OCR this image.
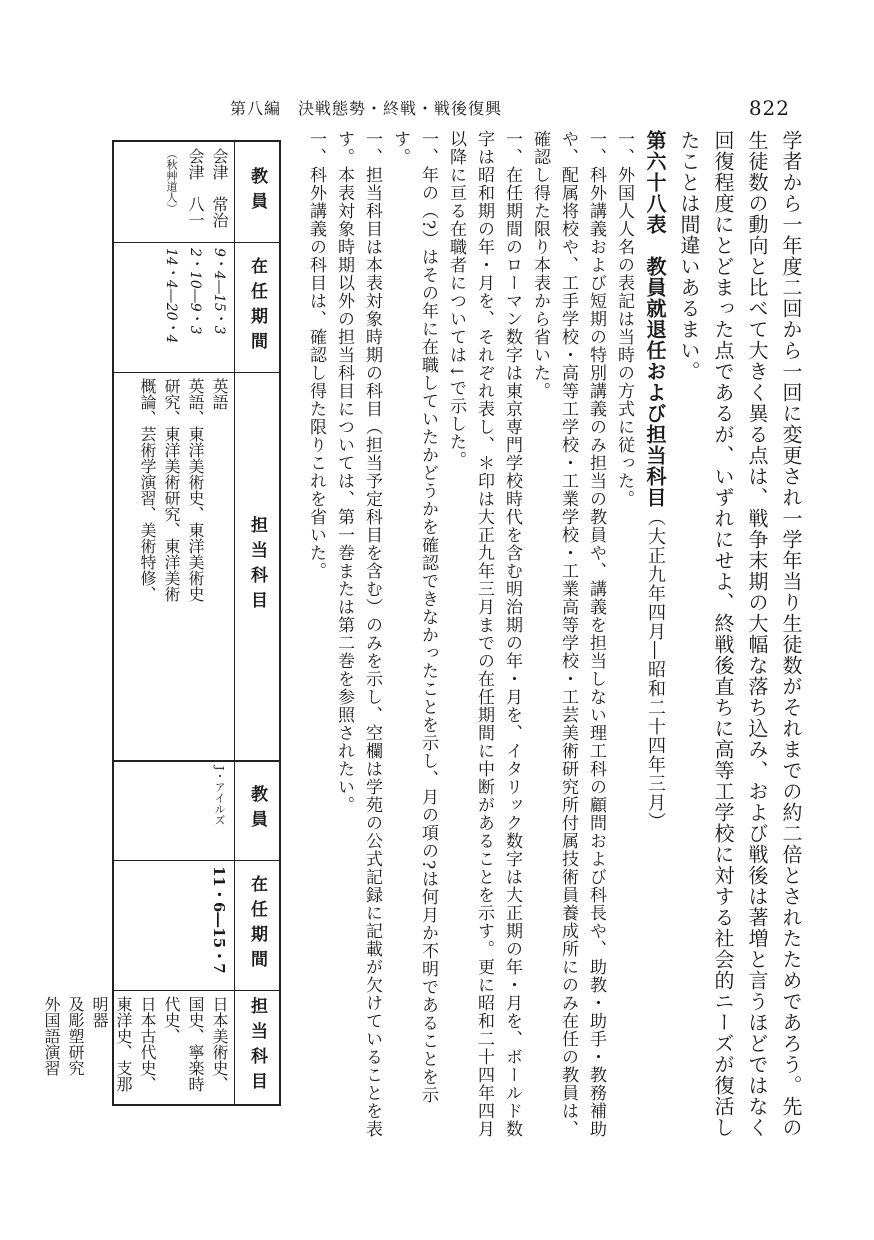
第八編　決戦態勢・終戦・戦後復興	822

学者から一年度二回から一回に変更され一学年当り生徒数がそれまでの約二倍とされたためであろう。先の生徒数の動向と比べて大きく異る点は、戦争末期の大幅な落ち込み、および戦後は著増と言うほどではなく回復程度にとどまった点であるが、いずれにせよ、終戦後直ちに高等工学校に対する社会的ニーズが復活したことは間違いあるまい。

第六十八表　教員就退任および担当科目（大正九年四月―昭和二十四年三月）

一、外国人人名の表記は当時の方式に従った。

一、科外講義および短期の特別講義のみ担当の教員や、講義を担当しない理工科の顧問および科長や、助教・助手・教務補助や、配属将校や、工手学校・高等工学校・工業学校・工業高等学校・工芸美術研究所付属技術員養成所にのみ在任の教員は、確認し得た限り本表から省いた。

一、在任期間のローマン数字は東京専門学校時代を含む明治期の年・月を、イタリック数字は大正期の年・月を、ボールド数字は昭和期の年・月を、それぞれ表し、＊印は大正九年三月までの在任期間に中断があることを示す。更に昭和二十四年四月以降に亘る在職者については↓で示した。

一、年の（?）はその年に在職していたかどうかを確認できなかったことを示し、月の項の?は何月か不明であることを示す。

一、担当科目は本表対象時期の科目（担当予定科目を含む）のみを示し、空欄は学苑の公式記録に記載が欠けていることを表す。本表対象時期以外の担当科目については、第一巻または第二巻を参照されたい。

一、科外講義の科目は、確認し得た限りこれを省いた。

教員
在任期間
担当科目
教員
在任期間
担当科目
会津　常治
会津　八一
（秋艸道人）
9・4―15・3
2・10―9・3
14・4―20・4
英語
英語、東洋美術史、東洋美術史
研究、東洋美術研究、東洋美術
概論、芸術学演習、美術特修、
J・アイルズ
11・6―15・7
日本美術史、国史、寧楽時代史、
日本古代史、東洋史、支那明器
及彫塑研究
外国語演習
